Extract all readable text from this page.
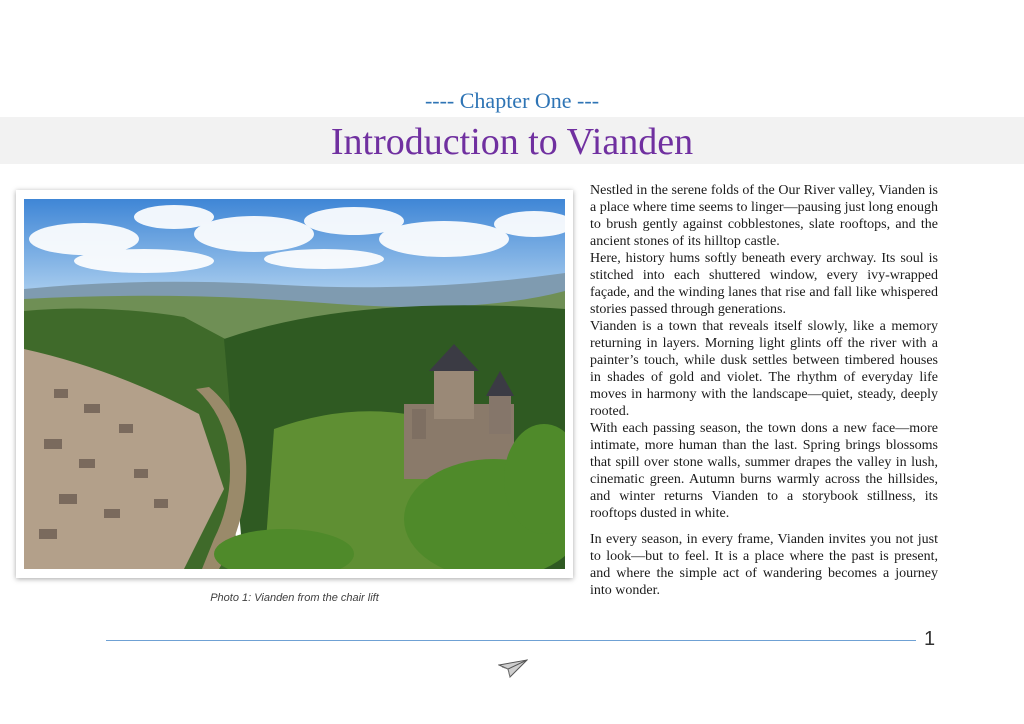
---- Chapter One ---
Introduction to Vianden
Photo 1: Vianden from the chair lift

Nestled in the serene folds of the Our River valley, Vianden is a place where time seems to linger—pausing just long enough to brush gently against cobblestones, slate rooftops, and the ancient stones of its hilltop castle.

Here, history hums softly beneath every archway. Its soul is stitched into each shuttered window, every ivy-wrapped façade, and the winding lanes that rise and fall like whispered stories passed through generations.

Vianden is a town that reveals itself slowly, like a memory returning in layers. Morning light glints off the river with a painter’s touch, while dusk settles between timbered houses in shades of gold and violet. The rhythm of everyday life moves in harmony with the landscape—quiet, steady, deeply rooted.

With each passing season, the town dons a new face—more intimate, more human than the last. Spring brings blossoms that spill over stone walls, summer drapes the valley in lush, cinematic green. Autumn burns warmly across the hillsides, and winter returns Vianden to a storybook stillness, its rooftops dusted in white.

In every season, in every frame, Vianden invites you not just to look—but to feel. It is a place where the past is present, and where the simple act of wandering becomes a journey into wonder.

1
